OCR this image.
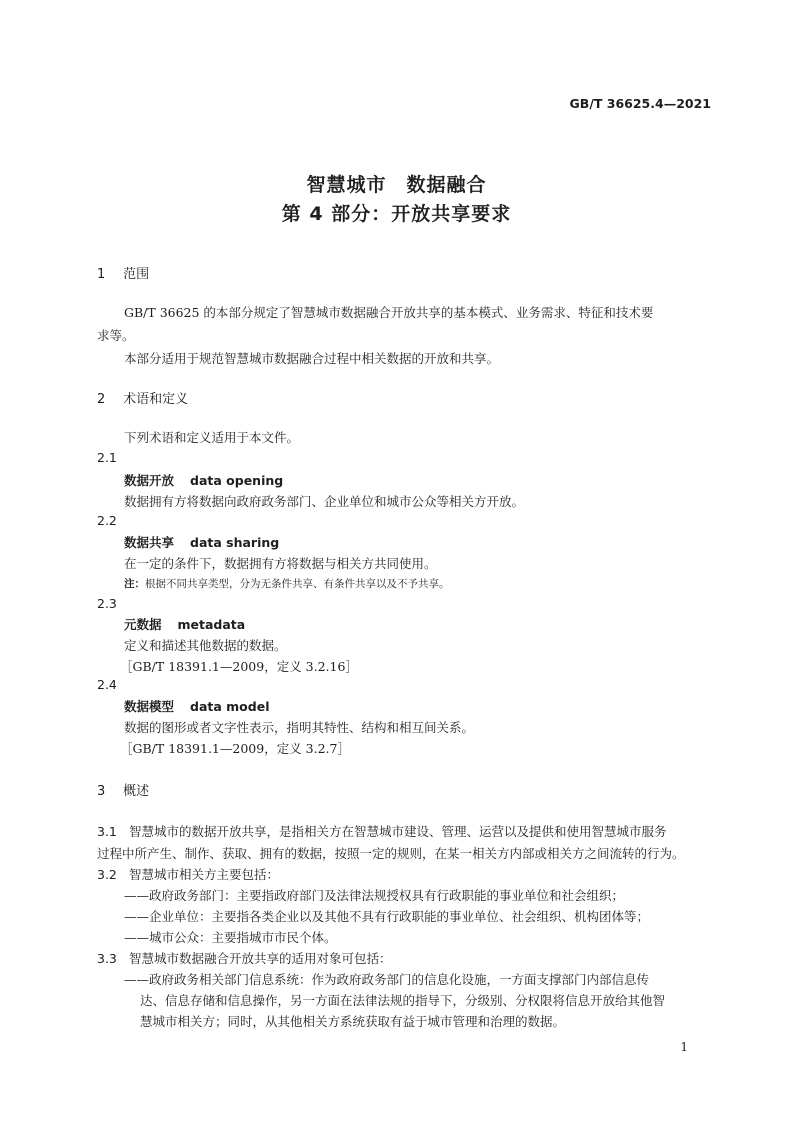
GB/T 36625.4—2021
智慧城市　数据融合
第 4 部分：开放共享要求
1 范围
GB/T 36625 的本部分规定了智慧城市数据融合开放共享的基本模式、业务需求、特征和技术要
求等。
本部分适用于规范智慧城市数据融合过程中相关数据的开放和共享。
2 术语和定义
下列术语和定义适用于本文件。
2.1
数据开放 data opening
数据拥有方将数据向政府政务部门、企业单位和城市公众等相关方开放。
2.2
数据共享 data sharing
在一定的条件下，数据拥有方将数据与相关方共同使用。
注：根据不同共享类型，分为无条件共享、有条件共享以及不予共享。
2.3
元数据 metadata
定义和描述其他数据的数据。
［GB/T 18391.1—2009，定义 3.2.16］
2.4
数据模型 data model
数据的图形或者文字性表示，指明其特性、结构和相互间关系。
［GB/T 18391.1—2009，定义 3.2.7］
3 概述
3.1 智慧城市的数据开放共享，是指相关方在智慧城市建设、管理、运营以及提供和使用智慧城市服务
过程中所产生、制作、获取、拥有的数据，按照一定的规则，在某一相关方内部或相关方之间流转的行为。
3.2 智慧城市相关方主要包括：
——政府政务部门：主要指政府部门及法律法规授权具有行政职能的事业单位和社会组织；
——企业单位：主要指各类企业以及其他不具有行政职能的事业单位、社会组织、机构团体等；
——城市公众：主要指城市市民个体。
3.3 智慧城市数据融合开放共享的适用对象可包括：
——政府政务相关部门信息系统：作为政府政务部门的信息化设施，一方面支撑部门内部信息传
达、信息存储和信息操作，另一方面在法律法规的指导下，分级别、分权限将信息开放给其他智
慧城市相关方；同时，从其他相关方系统获取有益于城市管理和治理的数据。
1
